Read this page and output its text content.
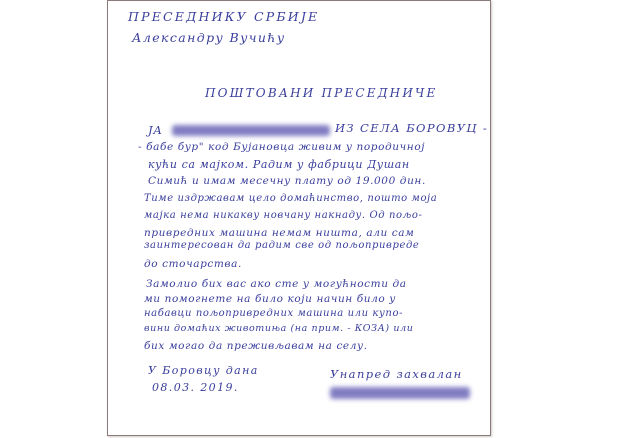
ПРЕСЕДНИКУ СРБИЈЕ
Александру Вучићу
ПОШТОВАНИ ПРЕСЕДНИЧЕ
ЈА	ИЗ СЕЛА БОРОВУЦ -
- бабе бур" код Бујановца живим у породичној
кући са мајком. Радим у фабрици Душан
Симић и имам месечну плату од 19.000 дин.
Тиме издржавам цело домаћинство, пошто моја
мајка нема никакву новчану накнаду. Од пољо-
привредних машина немам ништа, али сам
заинтересован да радим све од пољопривреде
до сточарства.
Замолио бих вас ако сте у могућности да
ми помогнете на било који начин било у
набавци пољопривредних машина или купо-
вини домаћих животиња (на прим. - КОЗА) или
бих могао да преживљавам на селу.
У Боровцу дана
08.03. 2019.
Унапред захвалан
